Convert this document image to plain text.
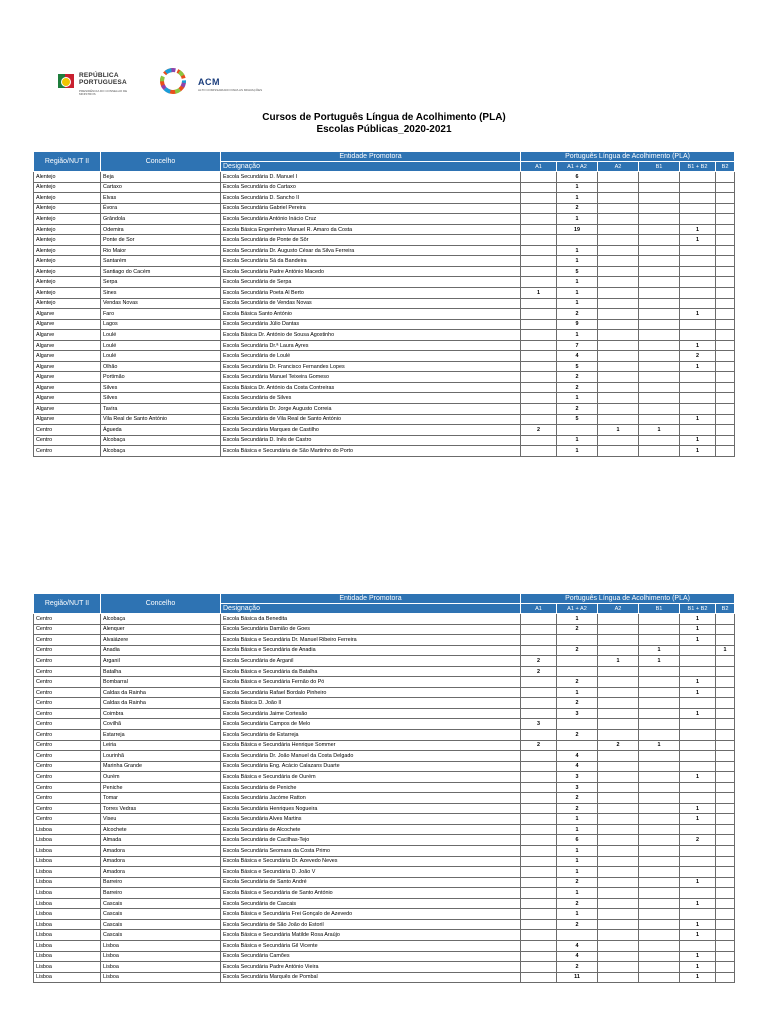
REPÚBLICA
PORTUGUESA
PRESIDÊNCIA DO CONSELHO DE MINISTROS
ACM
ALTO COMISSARIADO PARA AS MIGRAÇÕES
Cursos de Português Língua de Acolhimento (PLA)
Escolas Públicas_2020-2021
Região/NUT II	Concelho	Entidade Promotora	Português Língua de Acolhimento (PLA)					
		Designação	A1	A1 + A2	A2	B1	B1 + B2	B2
Alentejo	Beja	Escola Secundária D. Manuel I		6				
Alentejo	Cartaxo	Escola Secundária do Cartaxo		1				
Alentejo	Elvas	Escola Secundária D. Sancho II		1				
Alentejo	Évora	Escola Secundária Gabriel Pereira		2				
Alentejo	Grândola	Escola Secundária António Inácio Cruz		1				
Alentejo	Odemira	Escola Básica Engenheiro Manuel R. Amaro da Costa		19			1	
Alentejo	Ponte de Sor	Escola Secundária de Ponte de Sôr					1	
Alentejo	Rio Maior	Escola Secundária Dr. Augusto César da Silva Ferreira		1				
Alentejo	Santarém	Escola Secundária Sá da Bandeira		1				
Alentejo	Santiago do Cacém	Escola Secundária Padre António Macedo		5				
Alentejo	Serpa	Escola Secundária de Serpa		1				
Alentejo	Sines	Escola Secundária Poeta Al Berto	1	1				
Alentejo	Vendas Novas	Escola Secundária de Vendas Novas		1				
Algarve	Faro	Escola Básica Santo António		2			1	
Algarve	Lagos	Escola Secundária Júlio Dantas		9				
Algarve	Loulé	Escola Básica Dr. António de Sousa Agostinho		1				
Algarve	Loulé	Escola Secundária Dr.ª Laura Ayres		7			1	
Algarve	Loulé	Escola Secundária de Loulé		4			2	
Algarve	Olhão	Escola Secundária Dr. Francisco Fernandes Lopes		5			1	
Algarve	Portimão	Escola Secundária Manuel Teixeira Gomeso		2				
Algarve	Silves	Escola Básica Dr. António da Costa Contreiras		2				
Algarve	Silves	Escola Secundária de Silves		1				
Algarve	Tavira	Escola Secundária Dr. Jorge Augusto Correia		2				
Algarve	Vila Real de Santo António	Escola Secundária de Vila Real de Santo António		5			1	
Centro	Águeda	Escola Secundária Marques de Castilho	2		1	1		
Centro	Alcobaça	Escola Secundária D. Inês de Castro		1			1	
Centro	Alcobaça	Escola Básica e Secundária de São Martinho do Porto		1			1	
Região/NUT II	Concelho	Entidade Promotora	Português Língua de Acolhimento (PLA)					
		Designação	A1	A1 + A2	A2	B1	B1 + B2	B2
Centro	Alcobaça	Escola Básica da Benedita		1			1	
Centro	Alenquer	Escola Secundária Damião de Goes		2			1	
Centro	Alvaiázere	Escola Básica e Secundária Dr. Manuel Ribeiro Ferreira					1	
Centro	Anadia	Escola Básica e Secundária de Anadia		2		1		1
Centro	Arganil	Escola Secundária de Arganil	2		1	1		
Centro	Batalha	Escola Básica e Secundária da Batalha	2					
Centro	Bombarral	Escola Básica e Secundária Fernão do Pó		2			1	
Centro	Caldas da Rainha	Escola Secundária Rafael Bordalo Pinheiro		1			1	
Centro	Caldas da Rainha	Escola Básica D. João II		2				
Centro	Coimbra	Escola Secundária Jaime Cortesão		3			1	
Centro	Covilhã	Escola Secundária Campos de Melo	3					
Centro	Estarreja	Escola Secundária de Estarreja		2				
Centro	Leiria	Escola Básica e Secundária Henrique Sommer	2		2	1		
Centro	Lourinhã	Escola Secundária Dr. João Manuel da Costa Delgado		4				
Centro	Marinha Grande	Escola Secundária Eng. Acácio Calazans Duarte		4				
Centro	Ourém	Escola Básica e Secundária de Ourém		3			1	
Centro	Peniche	Escola Secundária de Peniche		3				
Centro	Tomar	Escola Secundária Jacóme Ratton		2				
Centro	Torres Vedras	Escola Secundária Henriques Nogueira		2			1	
Centro	Viseu	Escola Secundária Alves Martins		1			1	
Lisboa	Alcochete	Escola Secundária de Alcochete		1				
Lisboa	Almada	Escola Secundária de Cacilhas-Tejo		6			2	
Lisboa	Amadora	Escola Secundária Seomara da Costa Primo		1				
Lisboa	Amadora	Escola Básica e Secundária Dr. Azevedo Neves		1				
Lisboa	Amadora	Escola Básica e Secundária D. João V		1				
Lisboa	Barreiro	Escola Secundária de Santo André		2			1	
Lisboa	Barreiro	Escola Básica e Secundária de Santo António		1				
Lisboa	Cascais	Escola Secundária de Cascais		2			1	
Lisboa	Cascais	Escola Básica e Secundária Frei Gonçalo de Azevedo		1				
Lisboa	Cascais	Escola Secundária de São João do Estoril		2			1	
Lisboa	Cascais	Escola Básica e Secundária Matilde Rosa Araújo					1	
Lisboa	Lisboa	Escola Básica e Secundária Gil Vicente		4				
Lisboa	Lisboa	Escola Secundária Camões		4			1	
Lisboa	Lisboa	Escola Secundária Padre António Vieira		2			1	
Lisboa	Lisboa	Escola Secundária Marquês de Pombal		11			1	
